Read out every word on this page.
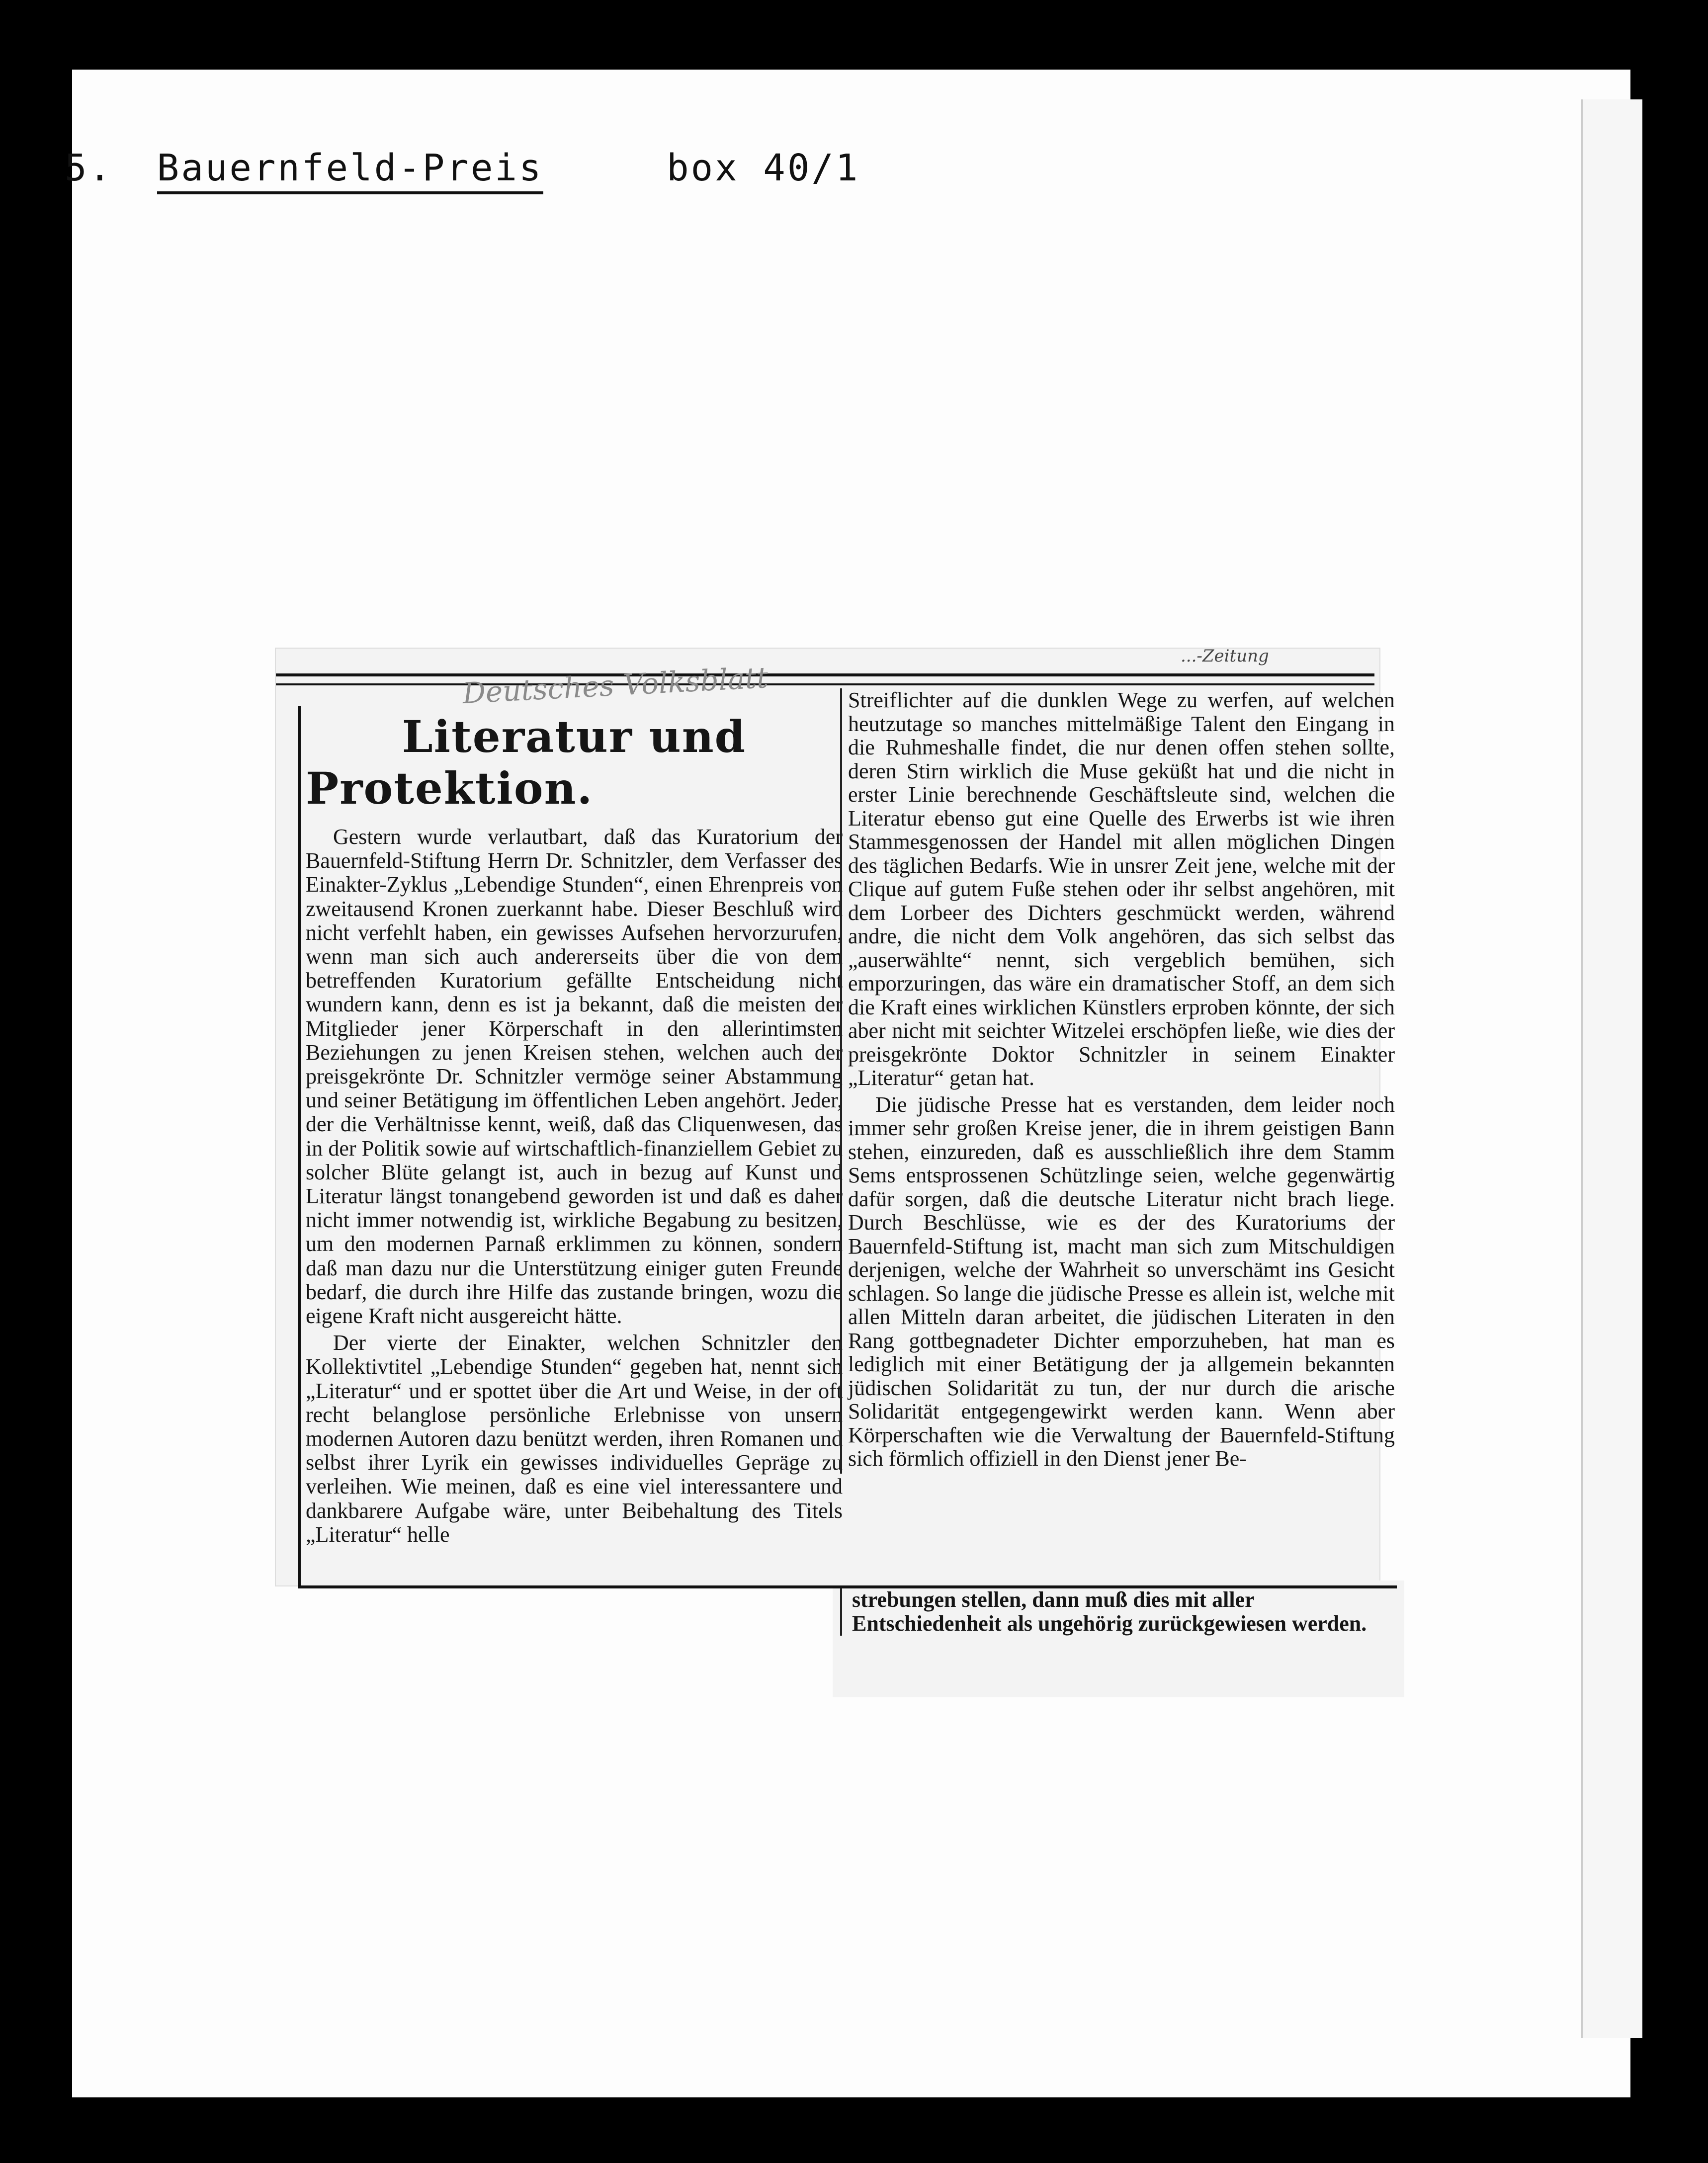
5. Bauernfeld-Preis	box 40/1
...-Zeitung
Deutsches Volksblatt
Literatur und Protektion.

Gestern wurde verlautbart, daß das Kuratorium der Bauernfeld-Stiftung Herrn Dr. Schnitzler, dem Verfasser des Einakter-Zyklus „Lebendige Stunden“, einen Ehrenpreis von zweitausend Kronen zuerkannt habe. Dieser Beschluß wird nicht verfehlt haben, ein gewisses Aufsehen hervorzurufen, wenn man sich auch andererseits über die von dem betreffenden Kuratorium gefällte Entscheidung nicht wundern kann, denn es ist ja bekannt, daß die meisten der Mitglieder jener Körperschaft in den allerintimsten Beziehungen zu jenen Kreisen stehen, welchen auch der preisgekrönte Dr. Schnitzler vermöge seiner Abstammung und seiner Betätigung im öffentlichen Leben angehört. Jeder, der die Verhältnisse kennt, weiß, daß das Cliquenwesen, das in der Politik sowie auf wirtschaftlich-finanziellem Gebiet zu solcher Blüte gelangt ist, auch in bezug auf Kunst und Literatur längst tonangebend geworden ist und daß es daher nicht immer notwendig ist, wirkliche Begabung zu besitzen, um den modernen Parnaß erklimmen zu können, sondern daß man dazu nur die Unterstützung einiger guten Freunde bedarf, die durch ihre Hilfe das zustande bringen, wozu die eigene Kraft nicht ausgereicht hätte.

Der vierte der Einakter, welchen Schnitzler den Kollektivtitel „Lebendige Stunden“ gegeben hat, nennt sich „Literatur“ und er spottet über die Art und Weise, in der oft recht belanglose persönliche Erlebnisse von unsern modernen Autoren dazu benützt werden, ihren Romanen und selbst ihrer Lyrik ein gewisses individuelles Gepräge zu verleihen. Wie meinen, daß es eine viel interessantere und dankbarere Aufgabe wäre, unter Beibehaltung des Titels „Literatur“ helle

Streiflichter auf die dunklen Wege zu werfen, auf welchen heutzutage so manches mittelmäßige Talent den Eingang in die Ruhmeshalle findet, die nur denen offen stehen sollte, deren Stirn wirklich die Muse geküßt hat und die nicht in erster Linie berechnende Geschäftsleute sind, welchen die Literatur ebenso gut eine Quelle des Erwerbs ist wie ihren Stammesgenossen der Handel mit allen möglichen Dingen des täglichen Bedarfs. Wie in unsrer Zeit jene, welche mit der Clique auf gutem Fuße stehen oder ihr selbst angehören, mit dem Lorbeer des Dichters geschmückt werden, während andre, die nicht dem Volk angehören, das sich selbst das „auserwählte“ nennt, sich vergeblich bemühen, sich emporzuringen, das wäre ein dramatischer Stoff, an dem sich die Kraft eines wirklichen Künstlers erproben könnte, der sich aber nicht mit seichter Witzelei erschöpfen ließe, wie dies der preisgekrönte Doktor Schnitzler in seinem Einakter „Literatur“ getan hat.

Die jüdische Presse hat es verstanden, dem leider noch immer sehr großen Kreise jener, die in ihrem geistigen Bann stehen, einzureden, daß es ausschließlich ihre dem Stamm Sems entsprossenen Schützlinge seien, welche gegenwärtig dafür sorgen, daß die deutsche Literatur nicht brach liege. Durch Beschlüsse, wie es der des Kuratoriums der Bauernfeld-Stiftung ist, macht man sich zum Mitschuldigen derjenigen, welche der Wahrheit so unverschämt ins Gesicht schlagen. So lange die jüdische Presse es allein ist, welche mit allen Mitteln daran arbeitet, die jüdischen Literaten in den Rang gottbegnadeter Dichter emporzuheben, hat man es lediglich mit einer Betätigung der ja allgemein bekannten jüdischen Solidarität zu tun, der nur durch die arische Solidarität entgegengewirkt werden kann. Wenn aber Körperschaften wie die Verwaltung der Bauernfeld-Stiftung sich förmlich offiziell in den Dienst jener Be-

strebungen stellen, dann muß dies mit aller Entschiedenheit als ungehörig zurückgewiesen werden.
